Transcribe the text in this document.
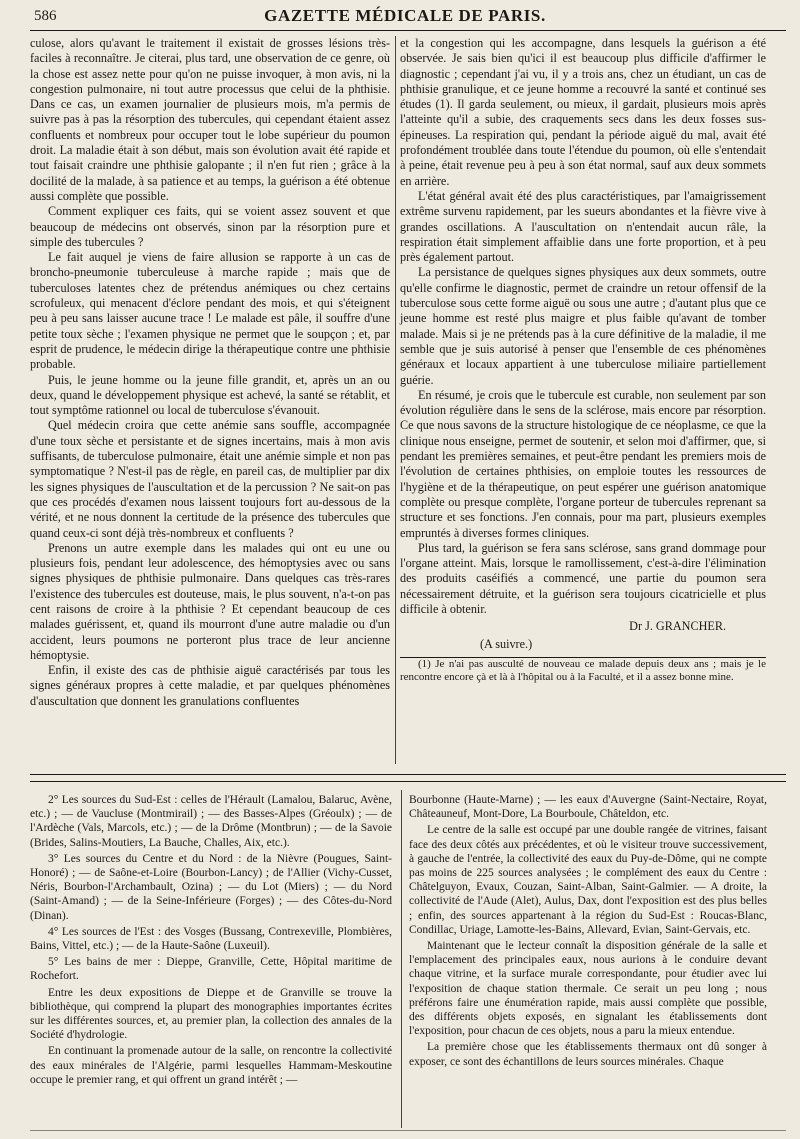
586	GAZETTE MÉDICALE DE PARIS.

culose, alors qu'avant le traitement il existait de grosses lésions très-faciles à reconnaître. Je citerai, plus tard, une observation de ce genre, où la chose est assez nette pour qu'on ne puisse invoquer, à mon avis, ni la congestion pulmonaire, ni tout autre processus que celui de la phthisie. Dans ce cas, un examen journalier de plusieurs mois, m'a permis de suivre pas à pas la résorption des tubercules, qui cependant étaient assez confluents et nombreux pour occuper tout le lobe supérieur du poumon droit. La maladie était à son début, mais son évolution avait été rapide et tout faisait craindre une phthisie galopante ; il n'en fut rien ; grâce à la docilité de la malade, à sa patience et au temps, la guérison a été obtenue aussi complète que possible.

Comment expliquer ces faits, qui se voient assez souvent et que beaucoup de médecins ont observés, sinon par la résorption pure et simple des tubercules ?

Le fait auquel je viens de faire allusion se rapporte à un cas de broncho-pneumonie tuberculeuse à marche rapide ; mais que de tuberculoses latentes chez de prétendus anémiques ou chez certains scrofuleux, qui menacent d'éclore pendant des mois, et qui s'éteignent peu à peu sans laisser aucune trace ! Le malade est pâle, il souffre d'une petite toux sèche ; l'examen physique ne permet que le soupçon ; et, par esprit de prudence, le médecin dirige la thérapeutique contre une phthisie probable.

Puis, le jeune homme ou la jeune fille grandit, et, après un an ou deux, quand le développement physique est achevé, la santé se rétablit, et tout symptôme rationnel ou local de tuberculose s'évanouit.

Quel médecin croira que cette anémie sans souffle, accompagnée d'une toux sèche et persistante et de signes incertains, mais à mon avis suffisants, de tuberculose pulmonaire, était une anémie simple et non pas symptomatique ? N'est-il pas de règle, en pareil cas, de multiplier par dix les signes physiques de l'auscultation et de la percussion ? Ne sait-on pas que ces procédés d'examen nous laissent toujours fort au-dessous de la vérité, et ne nous donnent la certitude de la présence des tubercules que quand ceux-ci sont déjà très-nombreux et confluents ?

Prenons un autre exemple dans les malades qui ont eu une ou plusieurs fois, pendant leur adolescence, des hémoptysies avec ou sans signes physiques de phthisie pulmonaire. Dans quelques cas très-rares l'existence des tubercules est douteuse, mais, le plus souvent, n'a-t-on pas cent raisons de croire à la phthisie ? Et cependant beaucoup de ces malades guérissent, et, quand ils mourront d'une autre maladie ou d'un accident, leurs poumons ne porteront plus trace de leur ancienne hémoptysie.

Enfin, il existe des cas de phthisie aiguë caractérisés par tous les signes généraux propres à cette maladie, et par quelques phénomènes d'auscultation que donnent les granulations confluentes

et la congestion qui les accompagne, dans lesquels la guérison a été observée. Je sais bien qu'ici il est beaucoup plus difficile d'affirmer le diagnostic ; cependant j'ai vu, il y a trois ans, chez un étudiant, un cas de phthisie granulique, et ce jeune homme a recouvré la santé et continué ses études (1). Il garda seulement, ou mieux, il gardait, plusieurs mois après l'atteinte qu'il a subie, des craquements secs dans les deux fosses sus-épineuses. La respiration qui, pendant la période aiguë du mal, avait été profondément troublée dans toute l'étendue du poumon, où elle s'entendait à peine, était revenue peu à peu à son état normal, sauf aux deux sommets en arrière.

L'état général avait été des plus caractéristiques, par l'amaigrissement extrême survenu rapidement, par les sueurs abondantes et la fièvre vive à grandes oscillations. A l'auscultation on n'entendait aucun râle, la respiration était simplement affaiblie dans une forte proportion, et à peu près également partout.

La persistance de quelques signes physiques aux deux sommets, outre qu'elle confirme le diagnostic, permet de craindre un retour offensif de la tuberculose sous cette forme aiguë ou sous une autre ; d'autant plus que ce jeune homme est resté plus maigre et plus faible qu'avant de tomber malade. Mais si je ne prétends pas à la cure définitive de la maladie, il me semble que je suis autorisé à penser que l'ensemble de ces phénomènes généraux et locaux appartient à une tuberculose miliaire partiellement guérie.

En résumé, je crois que le tubercule est curable, non seulement par son évolution régulière dans le sens de la sclérose, mais encore par résorption. Ce que nous savons de la structure histologique de ce néoplasme, ce que la clinique nous enseigne, permet de soutenir, et selon moi d'affirmer, que, si pendant les premières semaines, et peut-être pendant les premiers mois de l'évolution de certaines phthisies, on emploie toutes les ressources de l'hygiène et de la thérapeutique, on peut espérer une guérison anatomique complète ou presque complète, l'organe porteur de tubercules reprenant sa structure et ses fonctions. J'en connais, pour ma part, plusieurs exemples empruntés à diverses formes cliniques.

Plus tard, la guérison se fera sans sclérose, sans grand dommage pour l'organe atteint. Mais, lorsque le ramollissement, c'est-à-dire l'élimination des produits caséifiés a commencé, une partie du poumon sera nécessairement détruite, et la guérison sera toujours cicatricielle et plus difficile à obtenir.

Dr J. GRANCHER.
(A suivre.)

(1) Je n'ai pas ausculté de nouveau ce malade depuis deux ans ; mais je le rencontre encore çà et là à l'hôpital ou à la Faculté, et il a assez bonne mine.

2° Les sources du Sud-Est : celles de l'Hérault (Lamalou, Balaruc, Avène, etc.) ; — de Vaucluse (Montmirail) ; — des Basses-Alpes (Gréoulx) ; — de l'Ardèche (Vals, Marcols, etc.) ; — de la Drôme (Montbrun) ; — de la Savoie (Brides, Salins-Moutiers, La Bauche, Challes, Aix, etc.).

3° Les sources du Centre et du Nord : de la Nièvre (Pougues, Saint-Honoré) ; — de Saône-et-Loire (Bourbon-Lancy) ; de l'Allier (Vichy-Cusset, Néris, Bourbon-l'Archambault, Ozina) ; — du Lot (Miers) ; — du Nord (Saint-Amand) ; — de la Seine-Inférieure (Forges) ; — des Côtes-du-Nord (Dinan).

4° Les sources de l'Est : des Vosges (Bussang, Contrexeville, Plombières, Bains, Vittel, etc.) ; — de la Haute-Saône (Luxeuil).

5° Les bains de mer : Dieppe, Granville, Cette, Hôpital maritime de Rochefort.

Entre les deux expositions de Dieppe et de Granville se trouve la bibliothèque, qui comprend la plupart des monographies importantes écrites sur les différentes sources, et, au premier plan, la collection des annales de la Société d'hydrologie.

En continuant la promenade autour de la salle, on rencontre la collectivité des eaux minérales de l'Algérie, parmi lesquelles Hammam-Meskoutine occupe le premier rang, et qui offrent un grand intérêt ; —

Bourbonne (Haute-Marne) ; — les eaux d'Auvergne (Saint-Nectaire, Royat, Châteauneuf, Mont-Dore, La Bourboule, Châteldon, etc.

Le centre de la salle est occupé par une double rangée de vitrines, faisant face des deux côtés aux précédentes, et où le visiteur trouve successivement, à gauche de l'entrée, la collectivité des eaux du Puy-de-Dôme, qui ne compte pas moins de 225 sources analysées ; le complément des eaux du Centre : Châtelguyon, Evaux, Couzan, Saint-Alban, Saint-Galmier. — A droite, la collectivité de l'Aude (Alet), Aulus, Dax, dont l'exposition est des plus belles ; enfin, des sources appartenant à la région du Sud-Est : Roucas-Blanc, Condillac, Uriage, Lamotte-les-Bains, Allevard, Evian, Saint-Gervais, etc.

Maintenant que le lecteur connaît la disposition générale de la salle et l'emplacement des principales eaux, nous aurions à le conduire devant chaque vitrine, et la surface murale correspondante, pour étudier avec lui l'exposition de chaque station thermale. Ce serait un peu long ; nous préférons faire une énumération rapide, mais aussi complète que possible, des différents objets exposés, en signalant les établissements dont l'exposition, pour chacun de ces objets, nous a paru la mieux entendue.

La première chose que les établissements thermaux ont dû songer à exposer, ce sont des échantillons de leurs sources minérales. Chaque
